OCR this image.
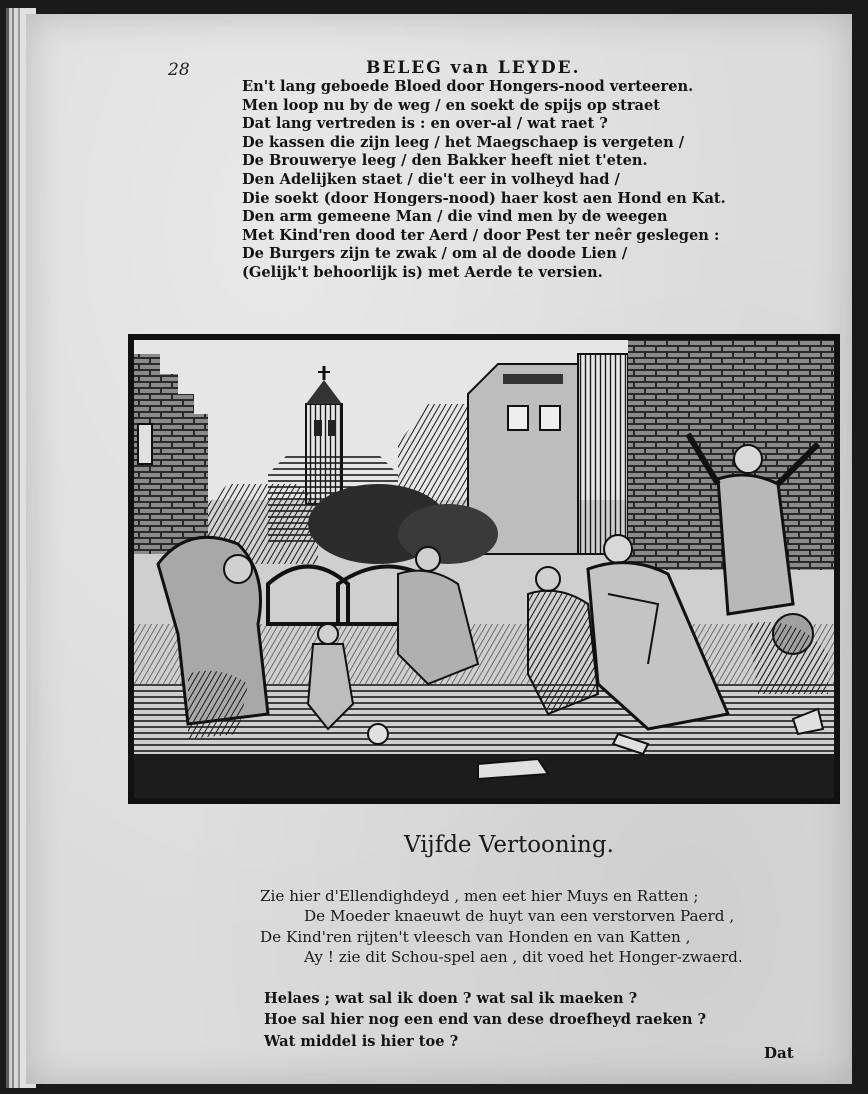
28	BELEG van LEYDE.
En't lang geboede Bloed door Hongers-nood verteeren.
Men loop nu by de weg / en soekt de spijs op straet
Dat lang vertreden is : en over-al / wat raet ?
De kassen die zijn leeg / het Maegschaep is vergeten /
De Brouwerye leeg / den Bakker heeft niet t'eten.
Den Adelijken staet / die't eer in volheyd had /
Die soekt (door Hongers-nood) haer kost aen Hond en Kat.
Den arm gemeene Man / die vind men by de weegen
Met Kind'ren dood ter Aerd / door Pest ter neêr geslegen :
De Burgers zijn te zwak / om al de doode Lien /
(Gelijk't behoorlijk is) met Aerde te versien.
Vijfde Vertooning.
Zie hier d'Ellendighdeyd , men eet hier Muys en Ratten ;
De Moeder knaeuwt de huyt van een verstorven Paerd ,
De Kind'ren rijten't vleesch van Honden en van Katten ,
Ay ! zie dit Schou-spel aen , dit voed het Honger-zwaerd.
Helaes ; wat sal ik doen ? wat sal ik maeken ?
Hoe sal hier nog een end van dese droefheyd raeken ?
Wat middel is hier toe ?
Dat
